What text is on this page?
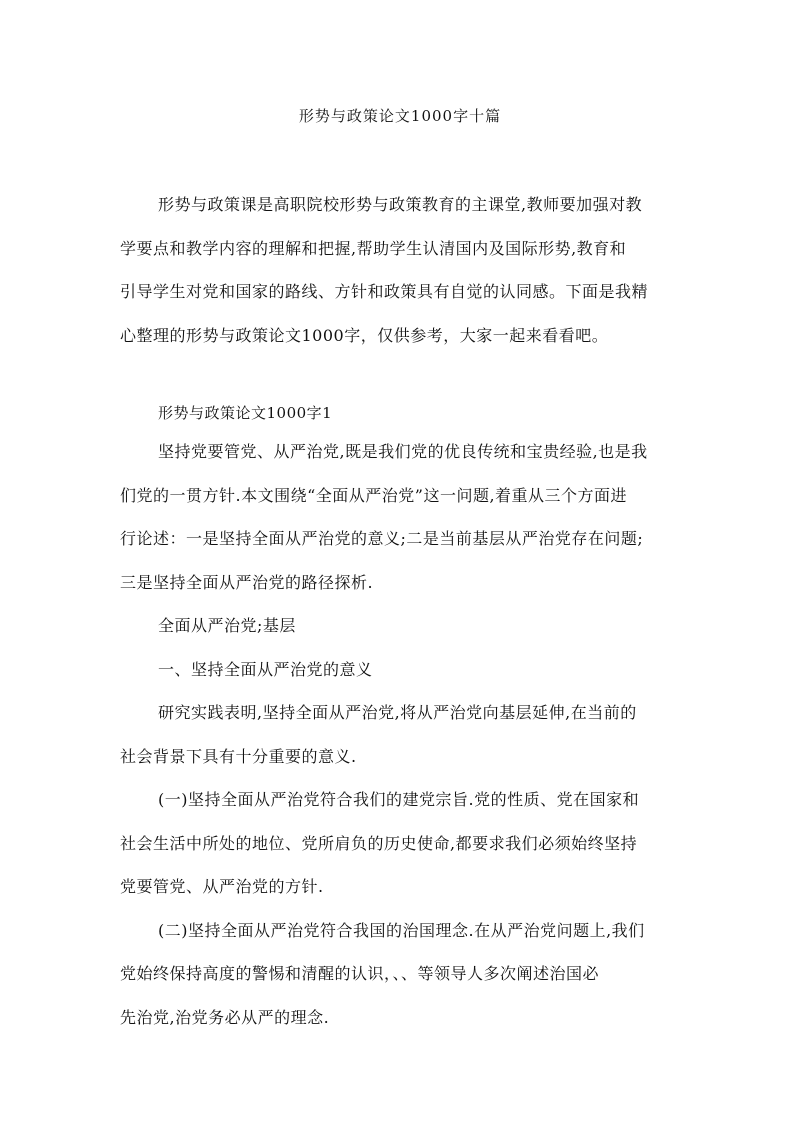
形势与政策论文1000字十篇
形势与政策课是高职院校形势与政策教育的主课堂,教师要加强对教
学要点和教学内容的理解和把握,帮助学生认清国内及国际形势,教育和
引导学生对党和国家的路线、方针和政策具有自觉的认同感。下面是我精
心整理的形势与政策论文1000字，仅供参考，大家一起来看看吧。
形势与政策论文1000字1
坚持党要管党、从严治党,既是我们党的优良传统和宝贵经验,也是我
们党的一贯方针.本文围绕“全面从严治党”这一问题,着重从三个方面进
行论述：一是坚持全面从严治党的意义;二是当前基层从严治党存在问题;
三是坚持全面从严治党的路径探析.
全面从严治党;基层
一、坚持全面从严治党的意义
研究实践表明,坚持全面从严治党,将从严治党向基层延伸,在当前的
社会背景下具有十分重要的意义.
(一)坚持全面从严治党符合我们的建党宗旨.党的性质、党在国家和
社会生活中所处的地位、党所肩负的历史使命,都要求我们必须始终坚持
党要管党、从严治党的方针.
(二)坚持全面从严治党符合我国的治国理念.在从严治党问题上,我们
党始终保持高度的警惕和清醒的认识，、、等领导人多次阐述治国必
先治党,治党务必从严的理念.
